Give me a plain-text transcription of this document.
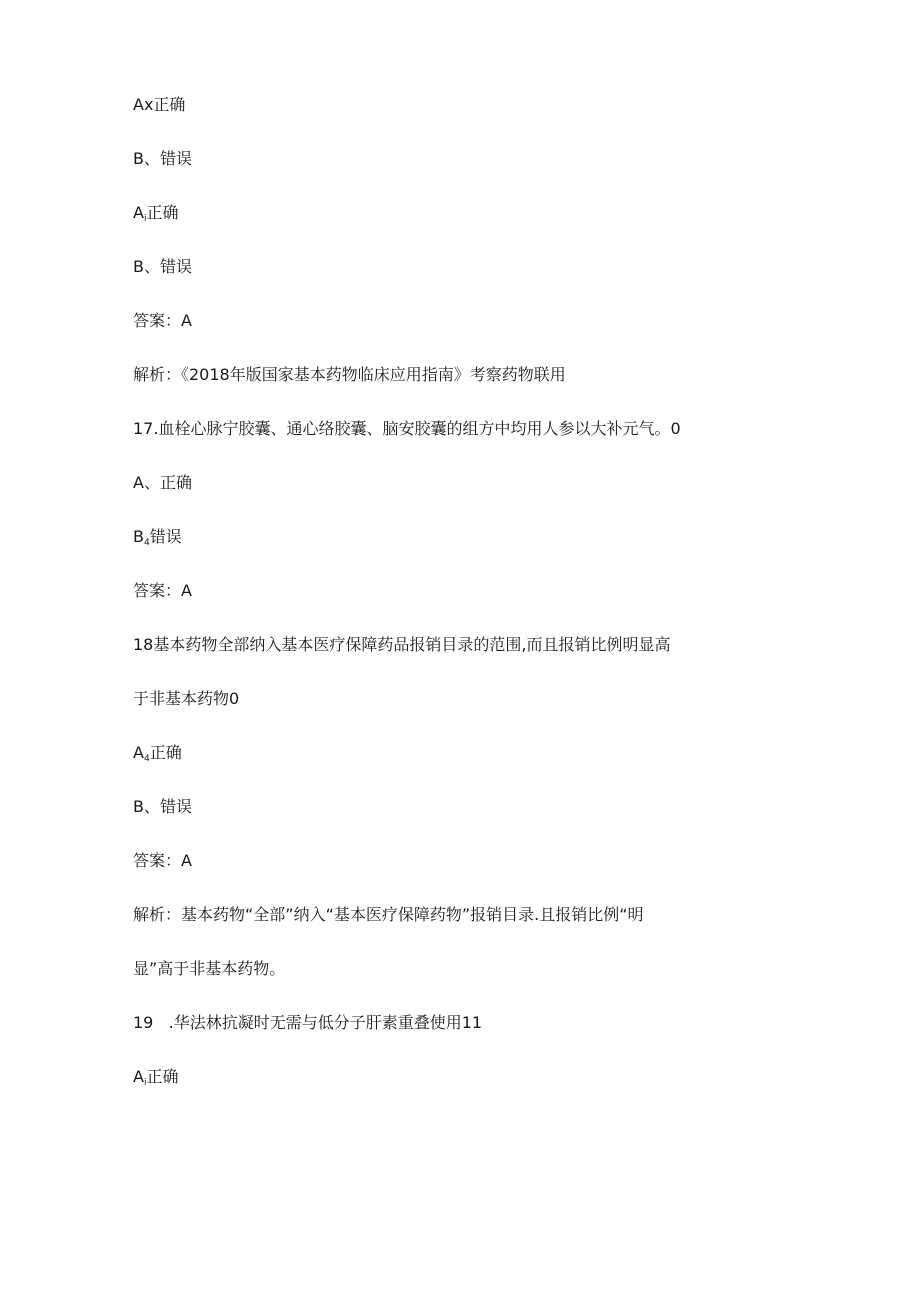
Ax正确
B、错误
$A_i$正确
B、错误
答案：A
解析：《2018年版国家基本药物临床应用指南》考察药物联用
17.血栓心脉宁胶囊、通心络胶囊、脑安胶囊的组方中均用人参以大补元气。0
A、正确
$B_4$错误
答案：A
18基本药物全部纳入基本医疗保障药品报销目录的范围,而且报销比例明显高
于非基本药物0
$A_4$正确
B、错误
答案：A
解析：基本药物“全部”纳入“基本医疗保障药物”报销目录.且报销比例“明
显”高于非基本药物。
19   .华法林抗凝时无需与低分子肝素重叠使用11
$A_i$正确
